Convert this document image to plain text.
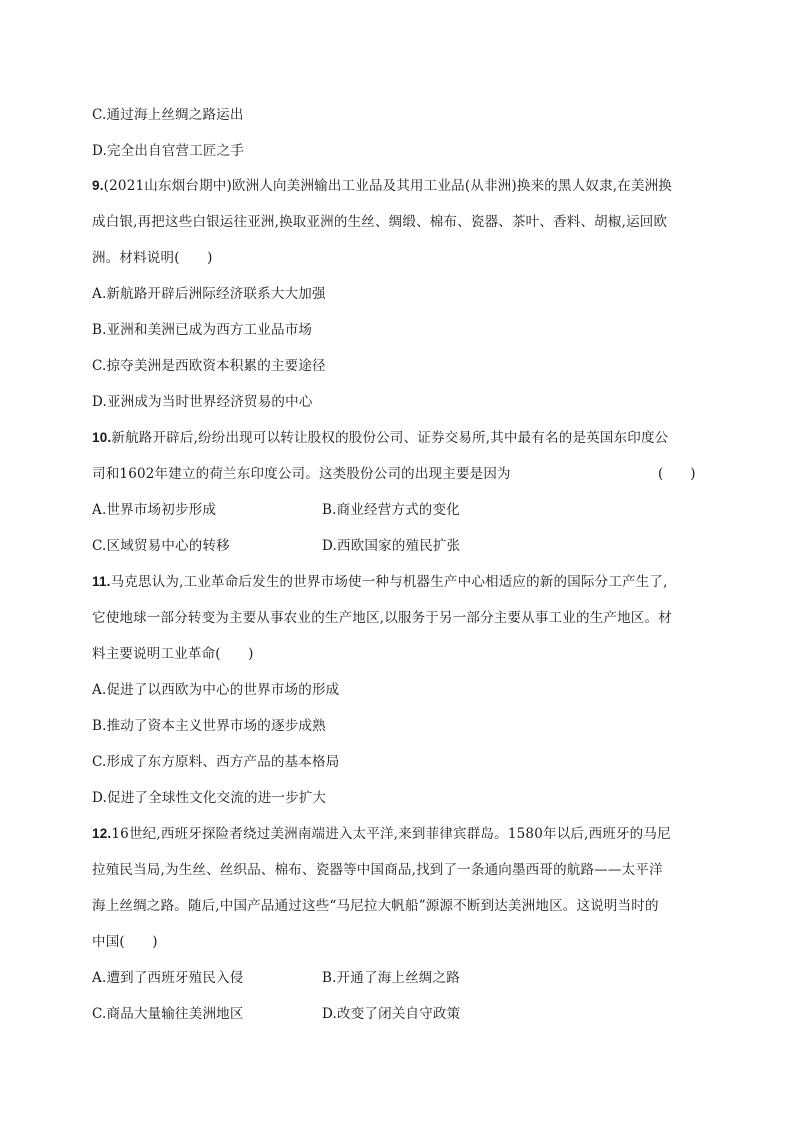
C.通过海上丝绸之路运出
D.完全出自官营工匠之手
9.(2021山东烟台期中)欧洲人向美洲输出工业品及其用工业品(从非洲)换来的黑人奴隶,在美洲换
成白银,再把这些白银运往亚洲,换取亚洲的生丝、绸缎、棉布、瓷器、茶叶、香料、胡椒,运回欧
洲。材料说明(　　)
A.新航路开辟后洲际经济联系大大加强
B.亚洲和美洲已成为西方工业品市场
C.掠夺美洲是西欧资本积累的主要途径
D.亚洲成为当时世界经济贸易的中心
10.新航路开辟后,纷纷出现可以转让股权的股份公司、证券交易所,其中最有名的是英国东印度公
司和1602年建立的荷兰东印度公司。这类股份公司的出现主要是因为	(　　)
A.世界市场初步形成	B.商业经营方式的变化
C.区域贸易中心的转移	D.西欧国家的殖民扩张
11.马克思认为,工业革命后发生的世界市场使一种与机器生产中心相适应的新的国际分工产生了,
它使地球一部分转变为主要从事农业的生产地区,以服务于另一部分主要从事工业的生产地区。材
料主要说明工业革命(　　)
A.促进了以西欧为中心的世界市场的形成
B.推动了资本主义世界市场的逐步成熟
C.形成了东方原料、西方产品的基本格局
D.促进了全球性文化交流的进一步扩大
12.16世纪,西班牙探险者绕过美洲南端进入太平洋,来到菲律宾群岛。1580年以后,西班牙的马尼
拉殖民当局,为生丝、丝织品、棉布、瓷器等中国商品,找到了一条通向墨西哥的航路——太平洋
海上丝绸之路。随后,中国产品通过这些“马尼拉大帆船”源源不断到达美洲地区。这说明当时的
中国(　　)
A.遭到了西班牙殖民入侵	B.开通了海上丝绸之路
C.商品大量输往美洲地区	D.改变了闭关自守政策
